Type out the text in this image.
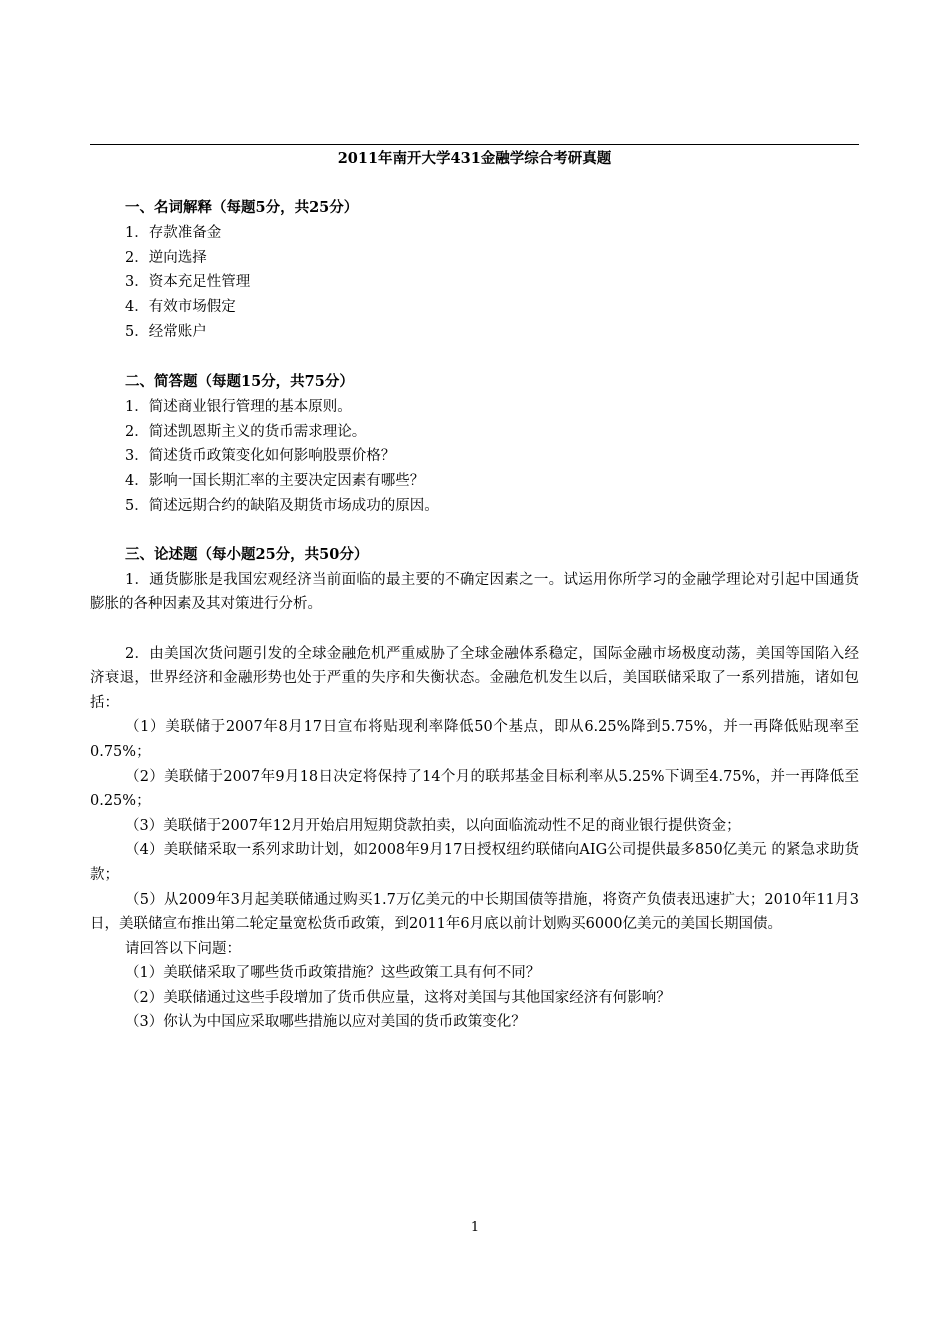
2011年南开大学431金融学综合考研真题

一、名词解释（每题5分，共25分）

1．存款准备金

2．逆向选择

3．资本充足性管理

4．有效市场假定

5．经常账户

二、简答题（每题15分，共75分）

1．简述商业银行管理的基本原则。

2．简述凯恩斯主义的货币需求理论。

3．简述货币政策变化如何影响股票价格？

4．影响一国长期汇率的主要决定因素有哪些？

5．简述远期合约的缺陷及期货市场成功的原因。

三、论述题（每小题25分，共50分）

1．通货膨胀是我国宏观经济当前面临的最主要的不确定因素之一。试运用你所学习的金融学理论对引起中国通货膨胀的各种因素及其对策进行分析。

2．由美国次货问题引发的全球金融危机严重威胁了全球金融体系稳定，国际金融市场极度动荡，美国等国陷入经济衰退，世界经济和金融形势也处于严重的失序和失衡状态。金融危机发生以后，美国联储采取了一系列措施，诸如包括：

（1）美联储于2007年8月17日宣布将贴现利率降低50个基点，即从6.25%降到5.75%，并一再降低贴现率至0.75%；

（2）美联储于2007年9月18日决定将保持了14个月的联邦基金目标利率从5.25%下调至4.75%，并一再降低至0.25%；

（3）美联储于2007年12月开始启用短期贷款拍卖，以向面临流动性不足的商业银行提供资金；

（4）美联储采取一系列求助计划，如2008年9月17日授权纽约联储向AIG公司提供最多850亿美元 的紧急求助货款；

（5）从2009年3月起美联储通过购买1.7万亿美元的中长期国债等措施，将资产负债表迅速扩大；2010年11月3日，美联储宣布推出第二轮定量宽松货币政策，到2011年6月底以前计划购买6000亿美元的美国长期国债。

请回答以下问题：

（1）美联储采取了哪些货币政策措施？这些政策工具有何不同？

（2）美联储通过这些手段增加了货币供应量，这将对美国与其他国家经济有何影响？

（3）你认为中国应采取哪些措施以应对美国的货币政策变化？

1
